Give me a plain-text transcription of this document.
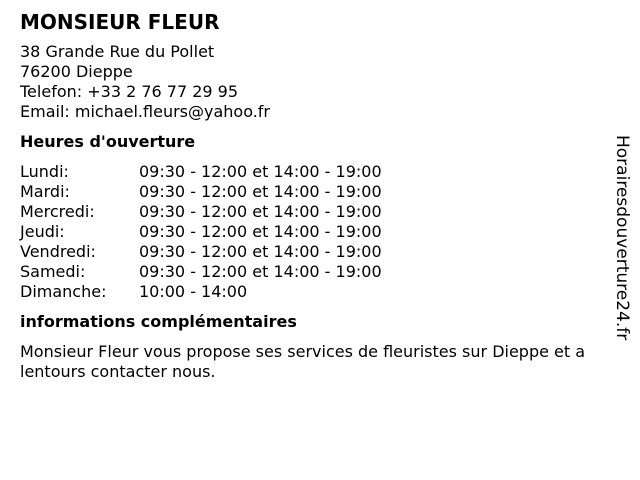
MONSIEUR FLEUR
38 Grande Rue du Pollet
76200 Dieppe
Telefon: +33 2 76 77 29 95
Email: michael.fleurs@yahoo.fr
Heures d'ouverture
Lundi:	09:30 - 12:00 et 14:00 - 19:00
Mardi:	09:30 - 12:00 et 14:00 - 19:00
Mercredi:	09:30 - 12:00 et 14:00 - 19:00
Jeudi:	09:30 - 12:00 et 14:00 - 19:00
Vendredi:	09:30 - 12:00 et 14:00 - 19:00
Samedi:	09:30 - 12:00 et 14:00 - 19:00
Dimanche:	10:00 - 14:00
informations complémentaires
Monsieur Fleur vous propose ses services de fleuristes sur Dieppe et a lentours contacter nous.
Horairesdouverture24.fr
